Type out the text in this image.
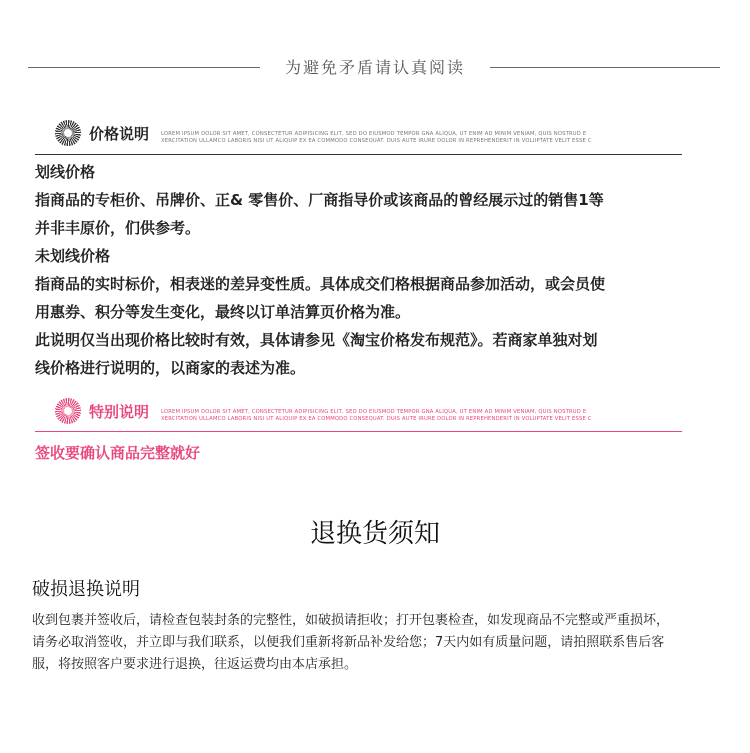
为避免矛盾请认真阅读
价格说明 LOREM IPSUM DOLOR SIT AMET, CONSECTETUR ADIPISICING ELIT, SED DO EIUSMOD TEMPOR GNA ALIQUA, UT ENIM AD MINIM VENIAM, QUIS NOSTRUD E
XERCITATION ULLAMCO LABORIS NISI UT ALIQUIP EX EA COMMODO CONSEQUAT. DUIS AUTE IRURE DOLOR IN REPREHENDERIT IN VOLUPTATE VELIT ESSE C

划线价格

指商品的专柜价、吊牌价、正& 零售价、厂商指导价或该商品的曾经展示过的销售1等

并非丰原价，们供参考。

未划线价格

指商品的实时标价，相表迷的差异变性质。具体成交们格根据商品参加活动，或会员使

用惠券、积分等发生变化，最终以订单洁算页价格为准。

此说明仅当出现价格比较时有效，具体请参见《淘宝价格发布规范》。若商家单独对划

线价格进行说明的，以商家的表述为准。

特别说明 LOREM IPSUM DOLOR SIT AMET, CONSECTETUR ADIPISICING ELIT, SED DO EIUSMOD TEMPOR GNA ALIQUA, UT ENIM AD MINIM VENIAM, QUIS NOSTRUD E
XERCITATION ULLAMCO LABORIS NISI UT ALIQUIP EX EA COMMODO CONSEQUAT. DUIS AUTE IRURE DOLOR IN REPREHENDERIT IN VOLUPTATE VELIT ESSE C
签收要确认商品完整就好
退换货须知
破损退换说明
收到包裹并签收后，请检查包装封条的完整性，如破损请拒收；打开包裹检查，如发现商品不完整或严重损坏，
请务必取消签收，并立即与我们联系，以便我们重新将新品补发给您；7天内如有质量问题，请拍照联系售后客
服，将按照客户要求进行退换，往返运费均由本店承担。
